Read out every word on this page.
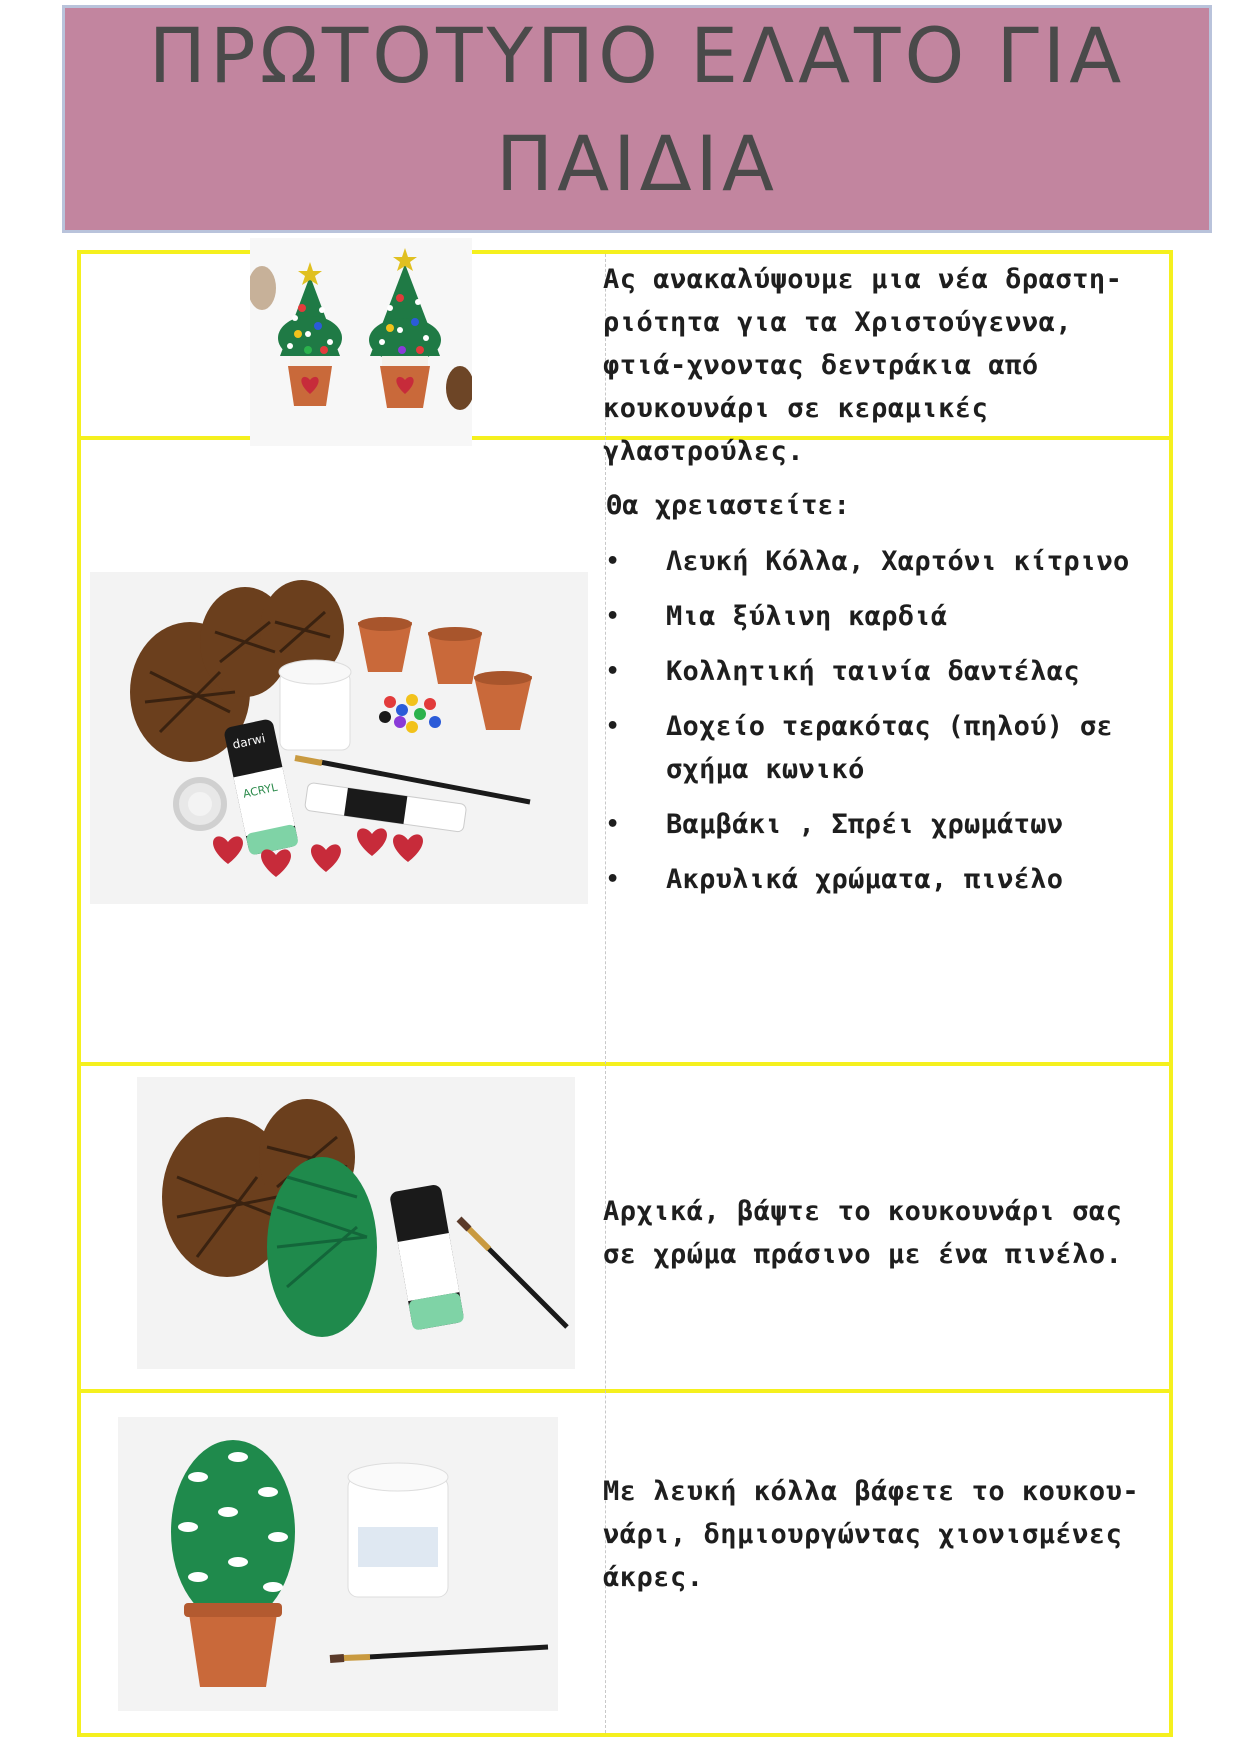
ΠΡΩΤΟΤΥΠΟ ΕΛΑΤΟ ΓΙΑ
ΠΑΙΔΙΑ
Ας ανακαλύψουμε μια νέα δραστη-ριότητα για τα Χριστούγεννα, φτιά-χνοντας δεντράκια από κουκουνάρι σε κεραμικές γλαστρούλες.
darwi
ACRYL
Θα χρειαστείτε:
• Λευκή Κόλλα, Χαρτόνι κίτρινο
• Μια ξύλινη καρδιά
• Κολλητική ταινία δαντέλας
• Δοχείο τερακότας (πηλού) σε σχήμα κωνικό
• Βαμβάκι , Σπρέι χρωμάτων
• Ακρυλικά χρώματα, πινέλο
Αρχικά, βάψτε το κουκουνάρι σας σε χρώμα πράσινο με ένα πινέλο.
Με λευκή κόλλα βάφετε το κουκου-νάρι, δημιουργώντας χιονισμένες άκρες.
